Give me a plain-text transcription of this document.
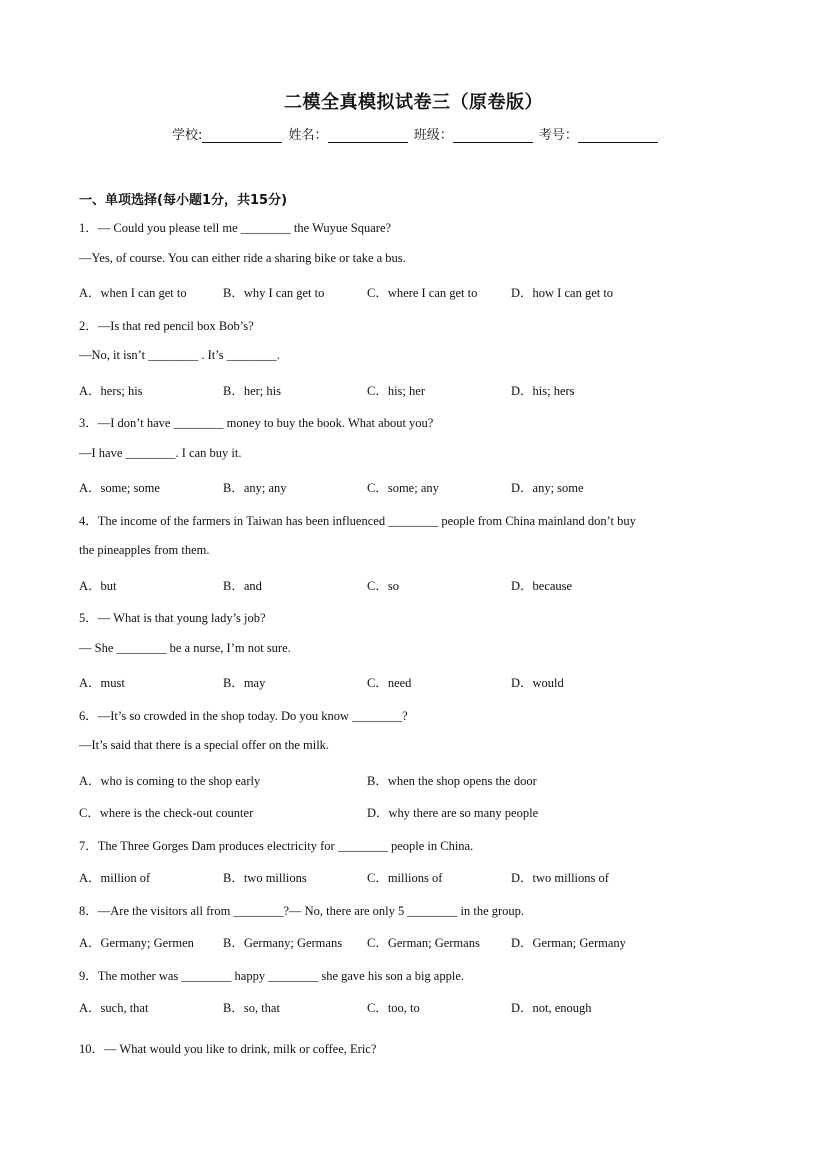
二模全真模拟试卷三（原卷版）
学校:	姓名：	班级：	考号：
一、单项选择(每小题1分，共15分)
1．— Could you please tell me ________ the Wuyue Square?
—Yes, of course. You can either ride a sharing bike or take a bus.
A．when I can get to	B．why I can get to	C．where I can get to	D．how I can get to
2．—Is that red pencil box Bob’s?
—No, it isn’t ________ . It’s ________.
A．hers; his	B．her; his	C．his; her	D．his; hers
3．—I don’t have ________ money to buy the book. What about you?
—I have ________. I can buy it.
A．some; some	B．any; any	C．some; any	D．any; some
4．The income of the farmers in Taiwan has been influenced ________ people from China mainland don’t buy
the pineapples from them.
A．but	B．and	C．so	D．because
5．— What is that young lady’s job?
— She ________ be a nurse, I’m not sure.
A．must	B．may	C．need	D．would
6．—It’s so crowded in the shop today. Do you know ________?
—It’s said that there is a special offer on the milk.
A．who is coming to the shop early	B．when the shop opens the door
C．where is the check-out counter	D．why there are so many people
7．The Three Gorges Dam produces electricity for ________ people in China.
A．million of	B．two millions	C．millions of	D．two millions of
8．—Are the visitors all from ________?— No, there are only 5 ________ in the group.
A．Germany; Germen B．Germany; Germans C．German; Germans D．German; Germany
9．The mother was ________ happy ________ she gave his son a big apple.
A．such, that	B．so, that	C．too, to	D．not, enough
10．— What would you like to drink, milk or coffee, Eric?
